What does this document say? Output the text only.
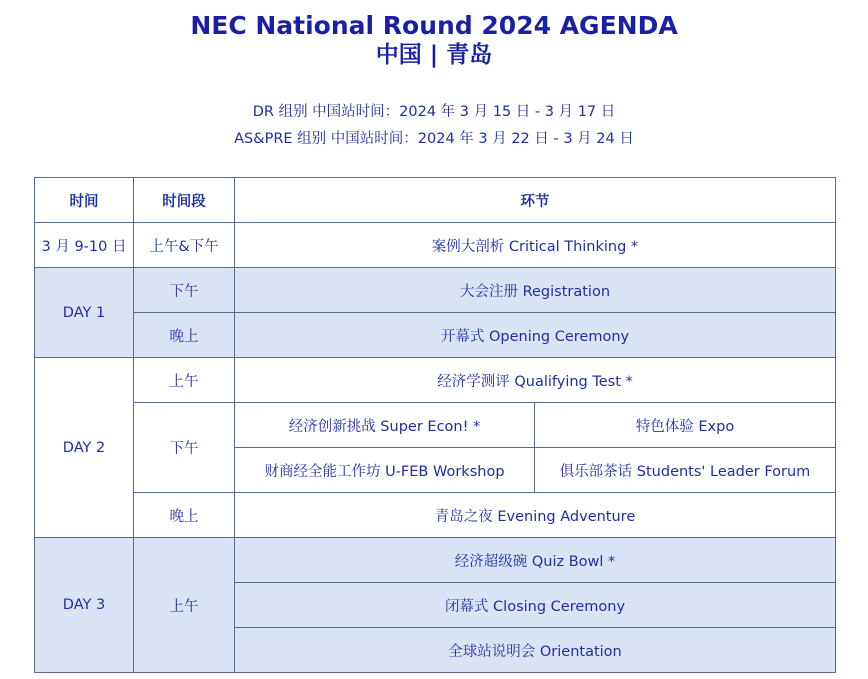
NEC National Round 2024 AGENDA
中国 | 青岛
DR 组别 中国站时间：2024 年 3 月 15 日 - 3 月 17 日
AS&PRE 组别 中国站时间：2024 年 3 月 22 日 - 3 月 24 日
时间	时间段	环节	
3 月 9-10 日	上午&下午	案例大剖析 Critical Thinking *	
DAY 1	下午	大会注册 Registration	
	晚上	开幕式 Opening Ceremony	
DAY 2	上午	经济学测评 Qualifying Test *	
	下午	经济创新挑战 Super Econ! *	特色体验 Expo
		财商经全能工作坊 U-FEB Workshop	俱乐部茶话 Students' Leader Forum
	晚上	青岛之夜 Evening Adventure	
DAY 3	上午	经济超级碗 Quiz Bowl *	
		闭幕式 Closing Ceremony	
		全球站说明会 Orientation	
